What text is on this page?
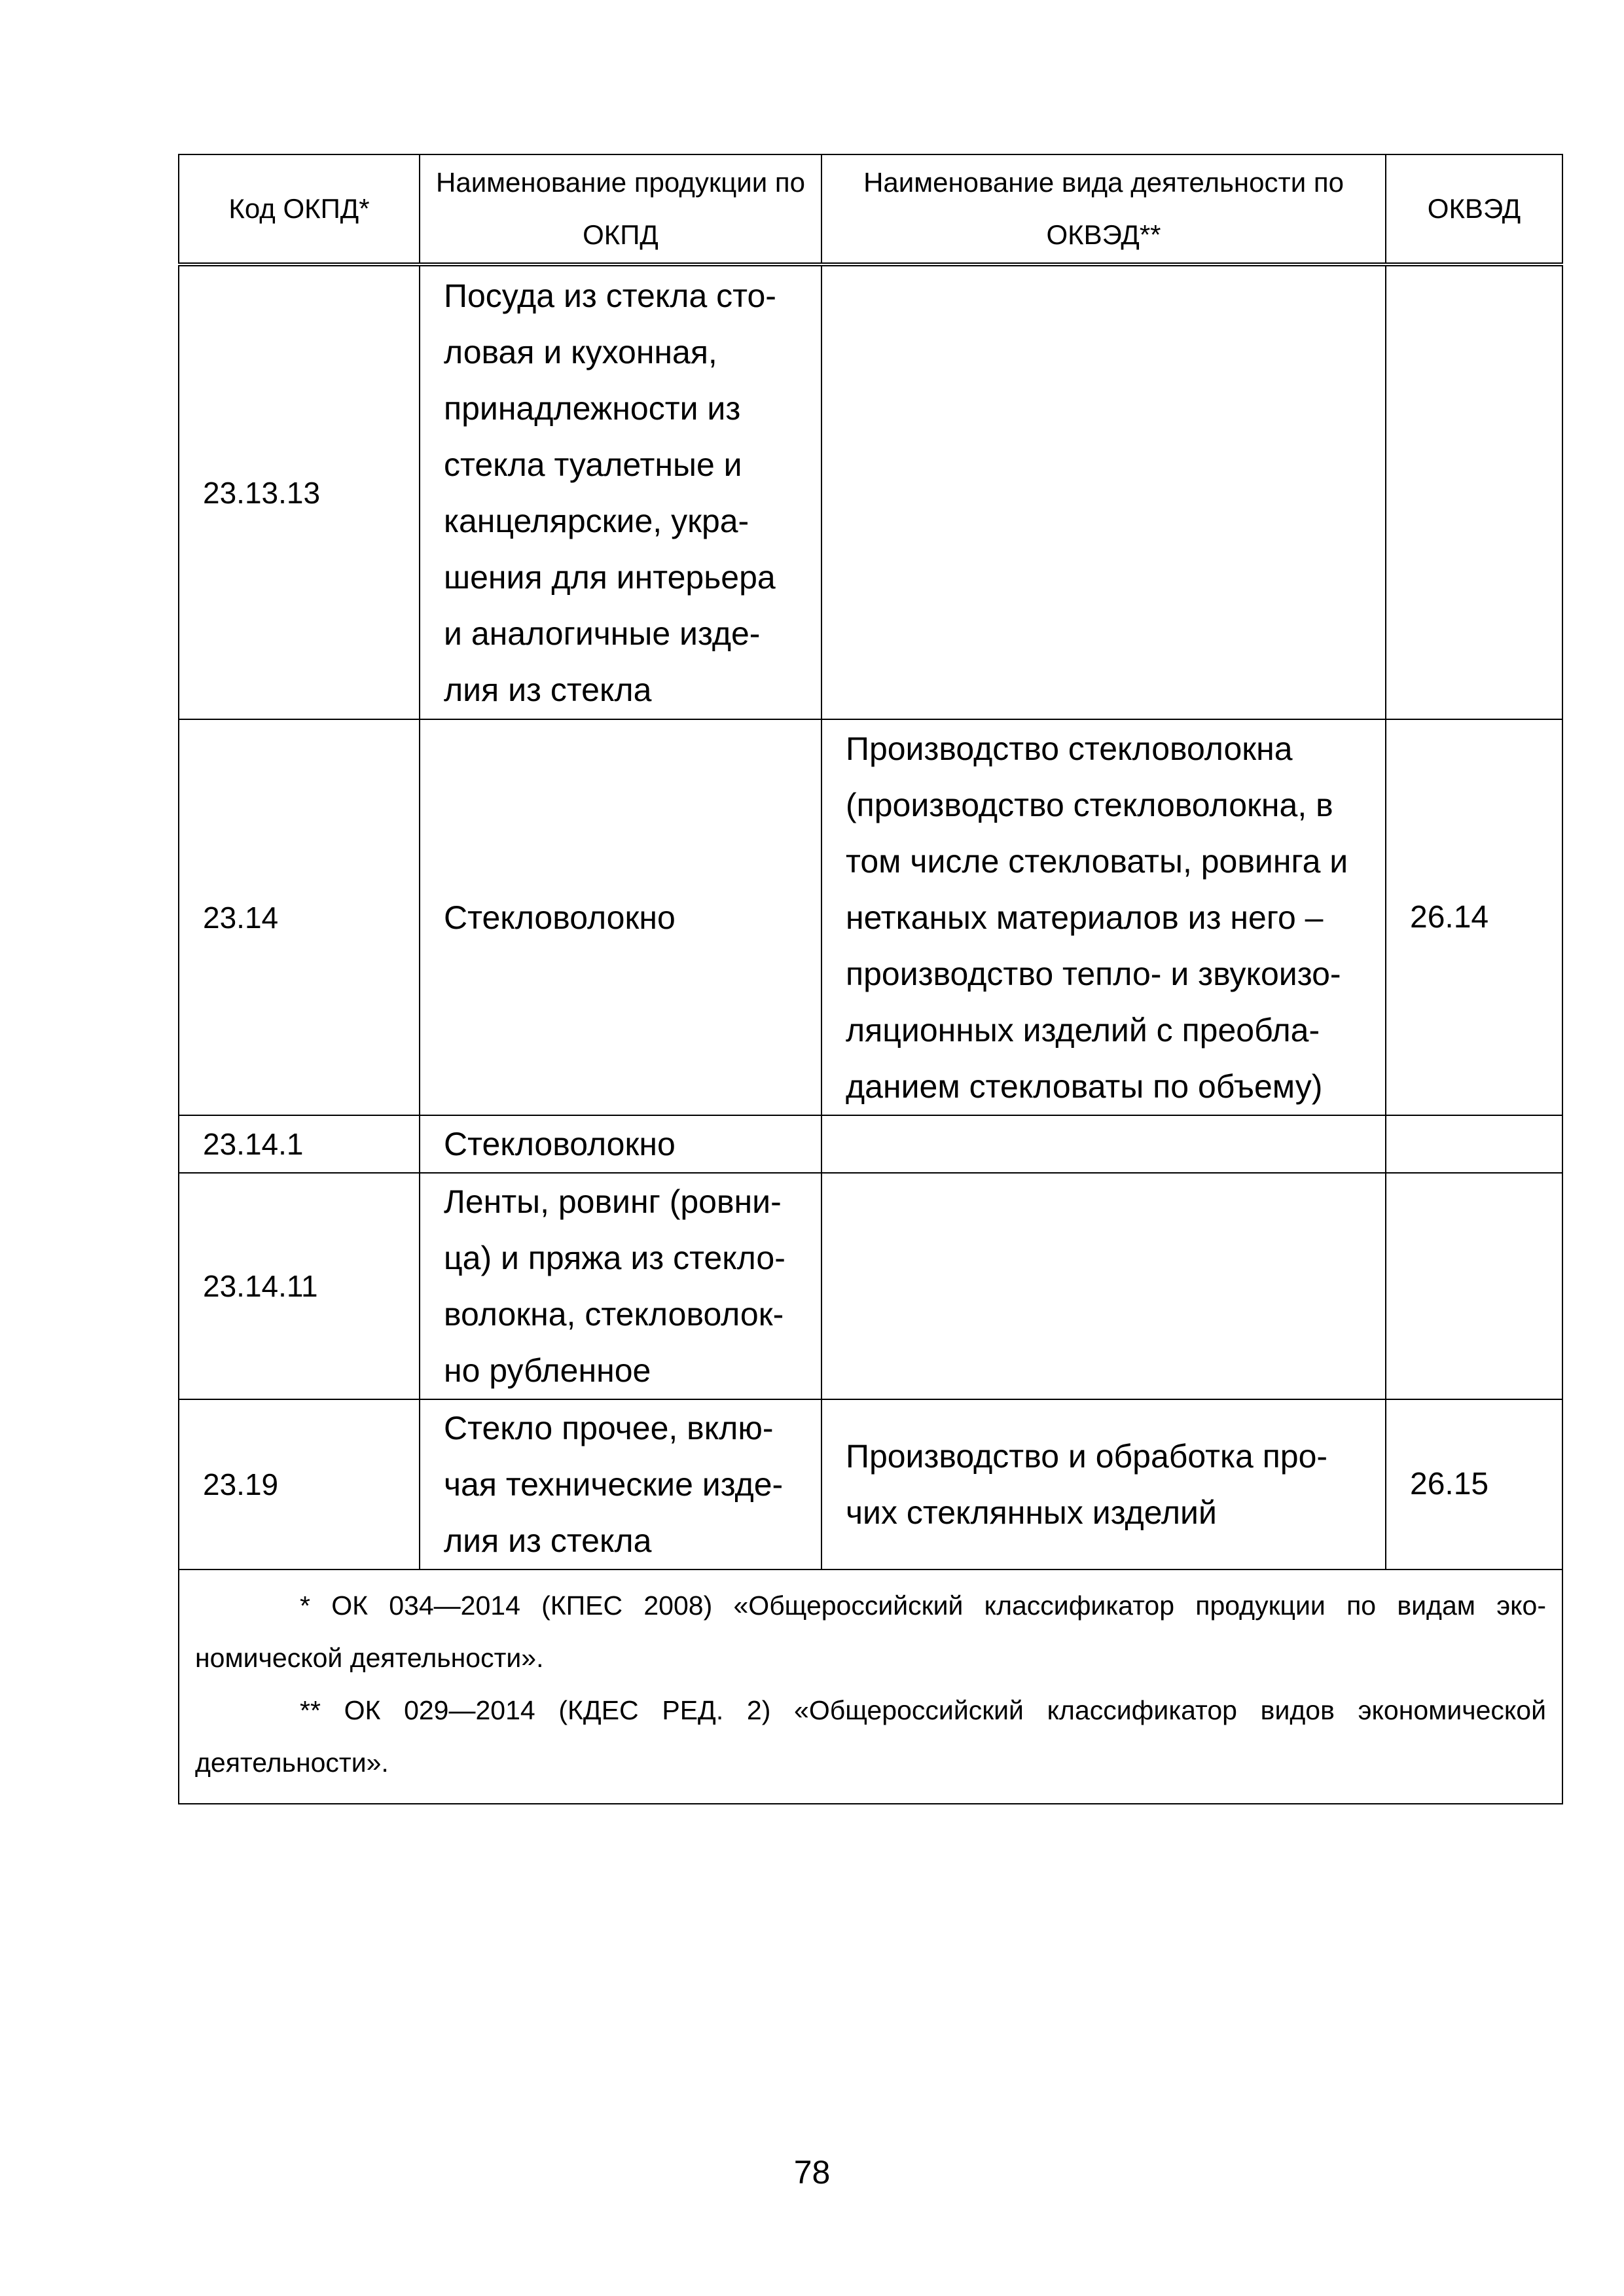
Код ОКПД*	Наименование продукции по ОКПД	Наименование вида деятельности по ОКВЭД**	ОКВЭД
23.13.13	Посуда из стекла сто-ловая и кухонная, принадлежности из стекла туалетные и канцелярские, укра-шения для интерьера и аналогичные изде-лия из стекла		
23.14	Стекловолокно	Производство стекловолокна (производство стекловолокна, в том числе стекловаты, ровинга и нетканых материалов из него – производство тепло- и звукоизо-ляционных изделий с преобла-данием стекловаты по объему)	26.14
23.14.1	Стекловолокно		
23.14.11	Ленты, ровинг (ровни-ца) и пряжа из стекло-волокна, стекловолок-но рубленное		
23.19	Стекло прочее, вклю-чая технические изде-лия из стекла	Производство и обработка про-чих стеклянных изделий	26.15

* ОК 034—2014 (КПЕС 2008) «Общероссийский классификатор продукции по видам эко-номической деятельности».

** ОК 029—2014 (КДЕС РЕД. 2) «Общероссийский классификатор видов экономической деятельности».			

78
